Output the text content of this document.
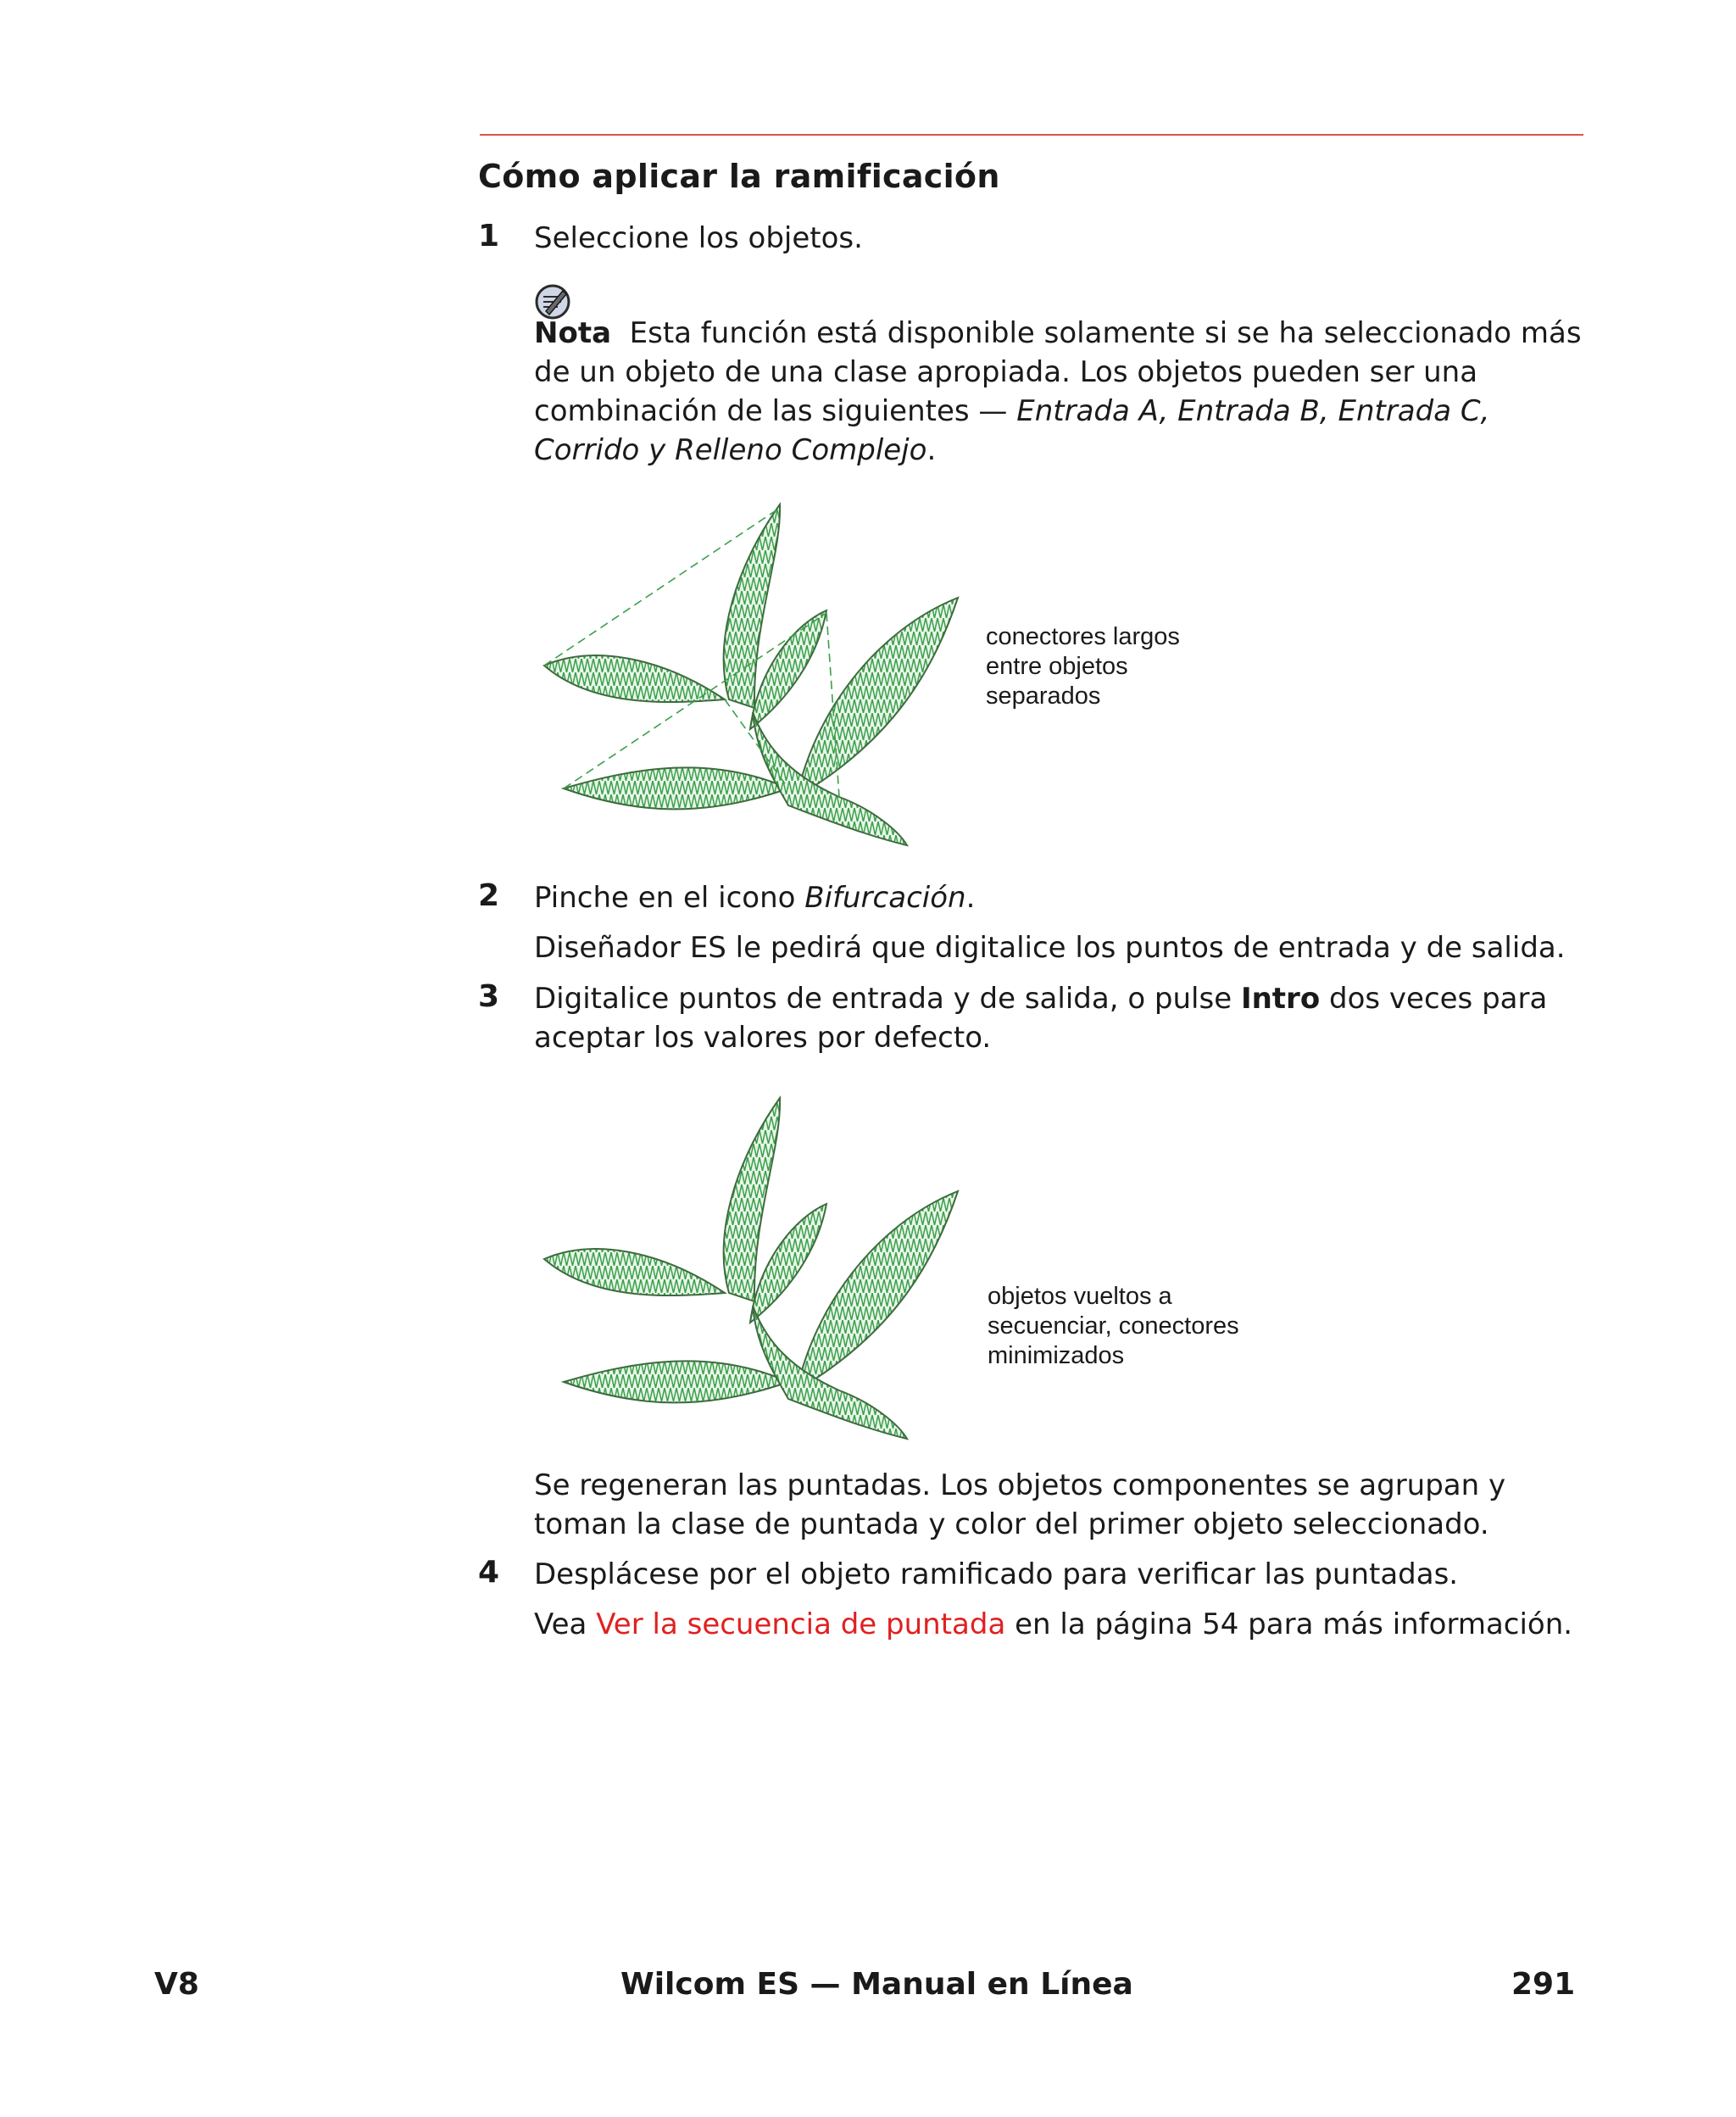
Cómo aplicar la ramificación
1 Seleccione los objetos.
Nota Esta función está disponible solamente si se ha seleccionado más de un objeto de una clase apropiada. Los objetos pueden ser una combinación de las siguientes — Entrada A, Entrada B, Entrada C, Corrido y Relleno Complejo.
conectores largos
entre objetos
separados
2 Pinche en el icono Bifurcación.
Diseñador ES le pedirá que digitalice los puntos de entrada y de salida.
3 Digitalice puntos de entrada y de salida, o pulse Intro dos veces para aceptar los valores por defecto.
objetos vueltos a
secuenciar, conectores
minimizados
Se regeneran las puntadas. Los objetos componentes se agrupan y toman la clase de puntada y color del primer objeto seleccionado.
4 Desplácese por el objeto ramificado para verificar las puntadas.
Vea Ver la secuencia de puntada en la página 54 para más información.
V8	Wilcom ES — Manual en Línea	291
